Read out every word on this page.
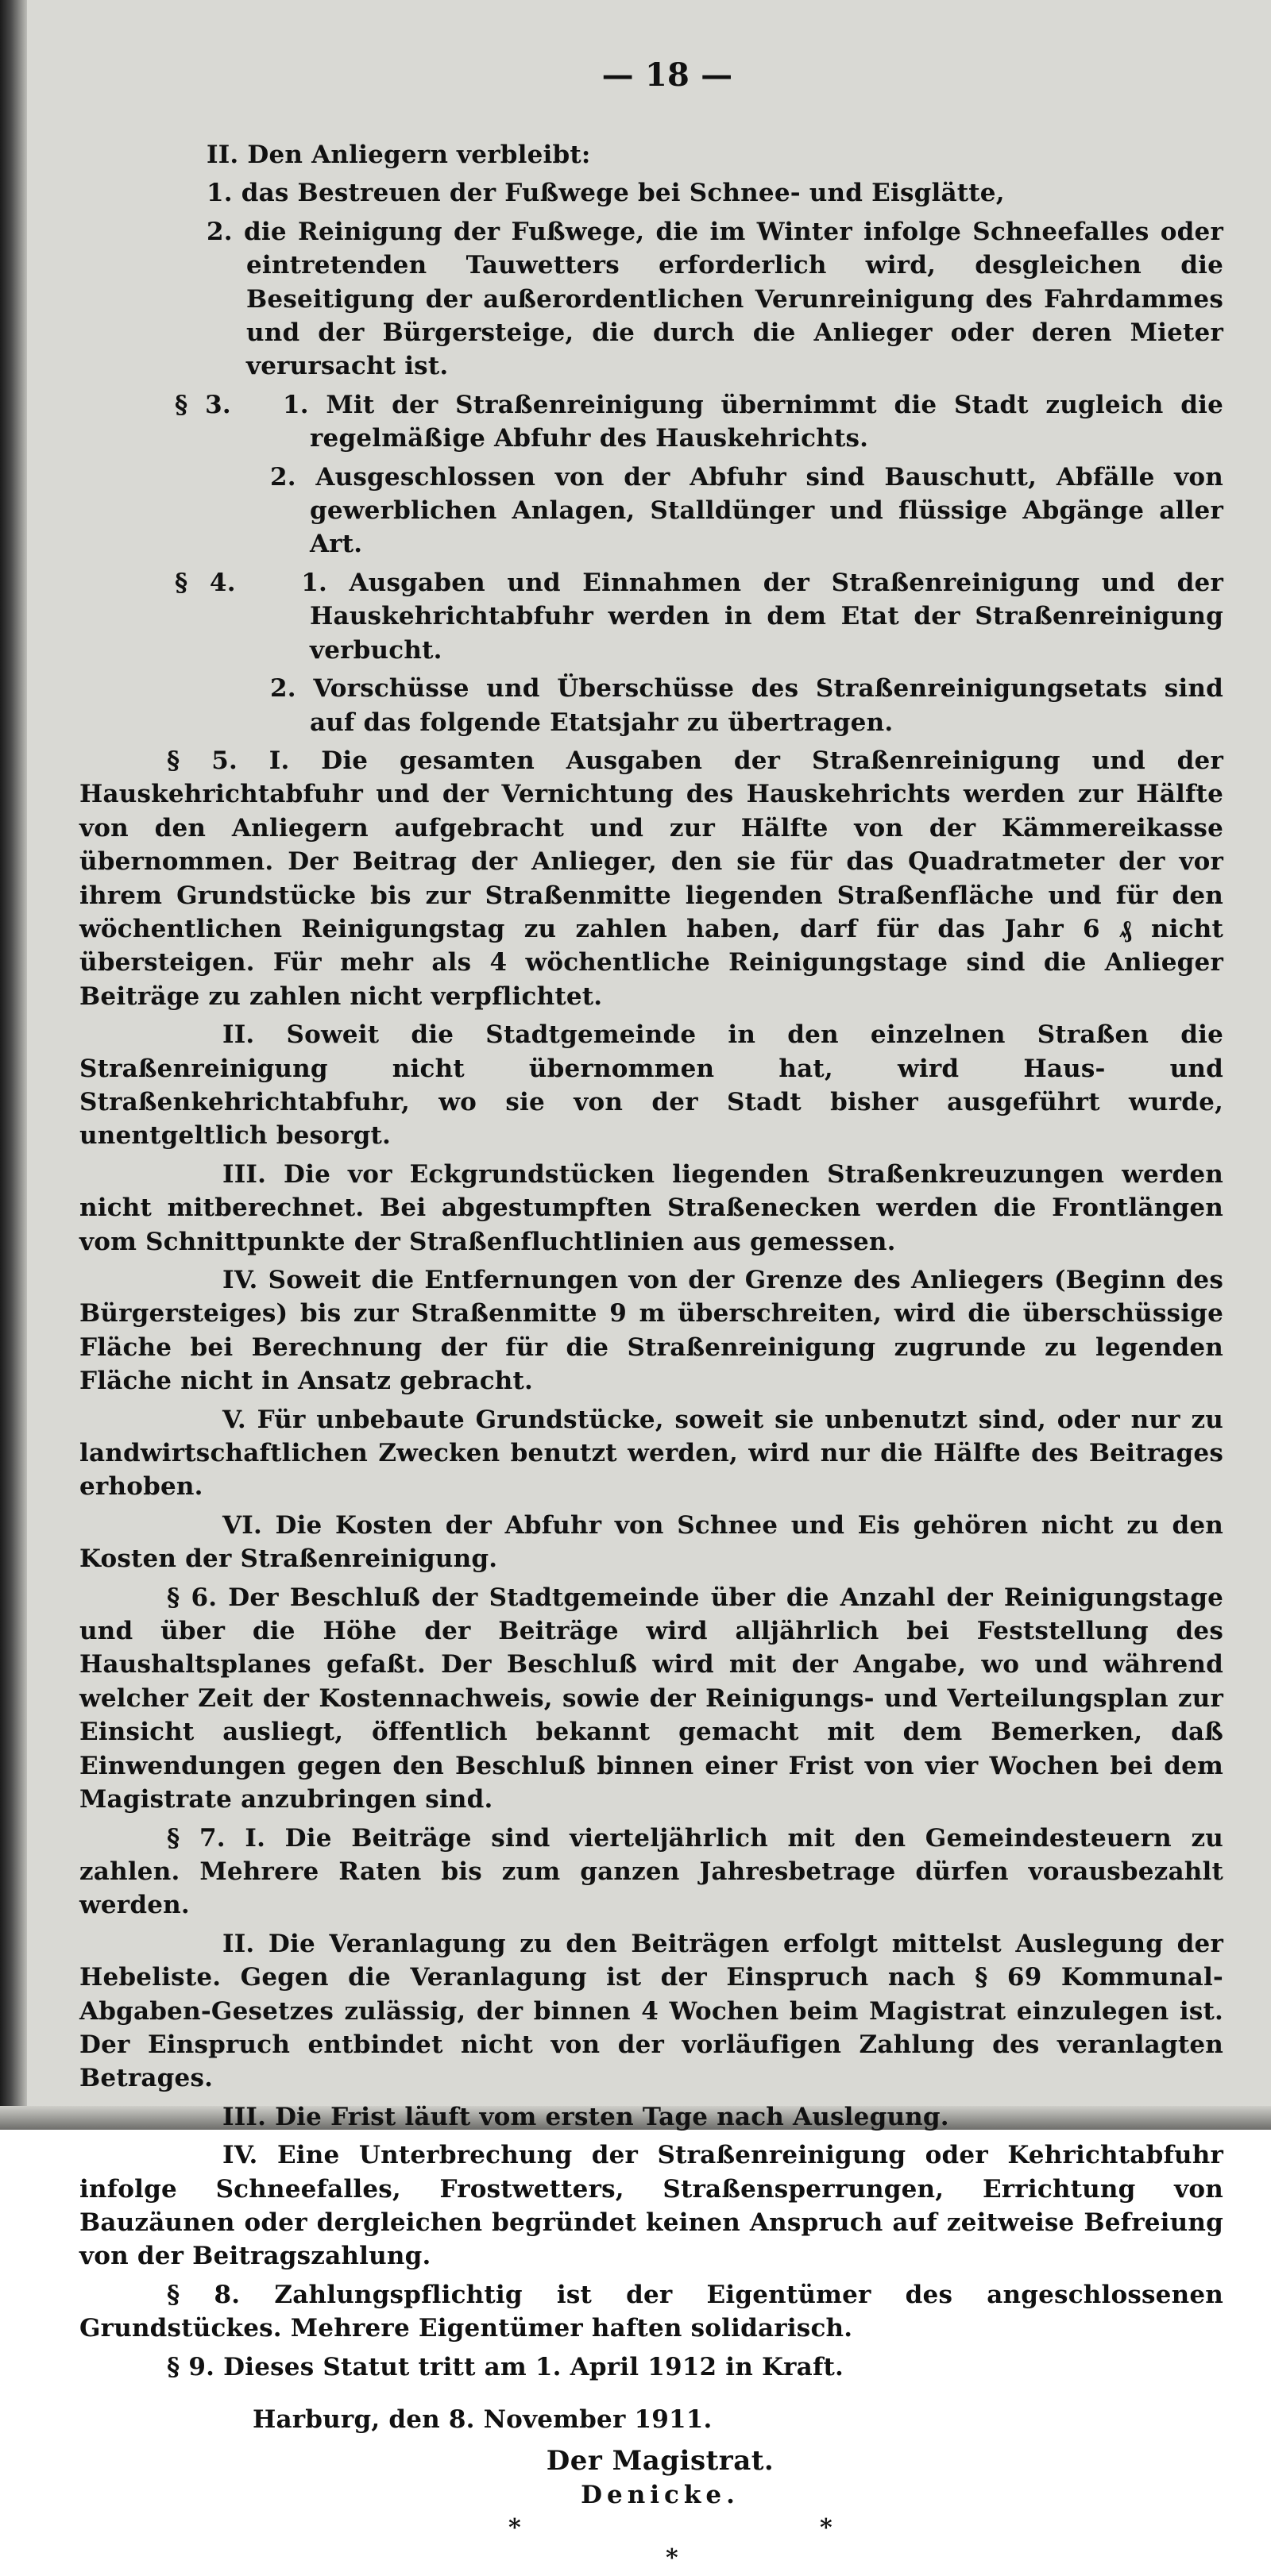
— 18 —

II. Den Anliegern verbleibt:

1. das Bestreuen der Fußwege bei Schnee- und Eisglätte,

2. die Reinigung der Fußwege, die im Winter infolge Schneefalles oder eintretenden Tauwetters erforderlich wird, desgleichen die Beseitigung der außerordentlichen Verunreinigung des Fahrdammes und der Bürgersteige, die durch die Anlieger oder deren Mieter verursacht ist.

§ 3. 1. Mit der Straßenreinigung übernimmt die Stadt zugleich die regelmäßige Abfuhr des Hauskehrichts.

2. Ausgeschlossen von der Abfuhr sind Bauschutt, Abfälle von gewerblichen Anlagen, Stalldünger und flüssige Abgänge aller Art.

§ 4.	1. Ausgaben und Einnahmen der Straßenreinigung und der Hauskehrichtabfuhr werden in dem Etat der Straßenreinigung verbucht.

2. Vorschüsse und Überschüsse des Straßenreinigungsetats sind auf das folgende Etatsjahr zu übertragen.

§ 5. I. Die gesamten Ausgaben der Straßenreinigung und der Hauskehrichtabfuhr und der Vernichtung des Hauskehrichts werden zur Hälfte von den Anliegern aufgebracht und zur Hälfte von der Kämmereikasse übernommen. Der Beitrag der Anlieger, den sie für das Quadratmeter der vor ihrem Grundstücke bis zur Straßenmitte liegenden Straßenfläche und für den wöchentlichen Reinigungstag zu zahlen haben, darf für das Jahr 6 ₰ nicht übersteigen. Für mehr als 4 wöchentliche Reinigungstage sind die Anlieger Beiträge zu zahlen nicht verpflichtet.

II. Soweit die Stadtgemeinde in den einzelnen Straßen die Straßenreinigung nicht übernommen hat, wird Haus- und Straßenkehrichtabfuhr, wo sie von der Stadt bisher ausgeführt wurde, unentgeltlich besorgt.

III. Die vor Eckgrundstücken liegenden Straßenkreuzungen werden nicht mitberechnet. Bei abgestumpften Straßenecken werden die Frontlängen vom Schnittpunkte der Straßenfluchtlinien aus gemessen.

IV. Soweit die Entfernungen von der Grenze des Anliegers (Beginn des Bürgersteiges) bis zur Straßenmitte 9 m überschreiten, wird die überschüssige Fläche bei Berechnung der für die Straßenreinigung zugrunde zu legenden Fläche nicht in Ansatz gebracht.

V. Für unbebaute Grundstücke, soweit sie unbenutzt sind, oder nur zu landwirtschaftlichen Zwecken benutzt werden, wird nur die Hälfte des Beitrages erhoben.

VI. Die Kosten der Abfuhr von Schnee und Eis gehören nicht zu den Kosten der Straßenreinigung.

§ 6. Der Beschluß der Stadtgemeinde über die Anzahl der Reinigungstage und über die Höhe der Beiträge wird alljährlich bei Feststellung des Haushaltsplanes gefaßt. Der Beschluß wird mit der Angabe, wo und während welcher Zeit der Kostennachweis, sowie der Reinigungs- und Verteilungsplan zur Einsicht ausliegt, öffentlich bekannt gemacht mit dem Bemerken, daß Einwendungen gegen den Beschluß binnen einer Frist von vier Wochen bei dem Magistrate anzubringen sind.

§ 7. I. Die Beiträge sind vierteljährlich mit den Gemeindesteuern zu zahlen. Mehrere Raten bis zum ganzen Jahresbetrage dürfen vorausbezahlt werden.

II. Die Veranlagung zu den Beiträgen erfolgt mittelst Auslegung der Hebeliste. Gegen die Veranlagung ist der Einspruch nach § 69 Kommunal-Abgaben-Gesetzes zulässig, der binnen 4 Wochen beim Magistrat einzulegen ist. Der Einspruch entbindet nicht von der vorläufigen Zahlung des veranlagten Betrages.

III. Die Frist läuft vom ersten Tage nach Auslegung.

IV. Eine Unterbrechung der Straßenreinigung oder Kehrichtabfuhr infolge Schneefalles, Frostwetters, Straßensperrungen, Errichtung von Bauzäunen oder dergleichen begründet keinen Anspruch auf zeitweise Befreiung von der Beitragszahlung.

§ 8. Zahlungspflichtig ist der Eigentümer des angeschlossenen Grundstückes. Mehrere Eigentümer haften solidarisch.

§ 9. Dieses Statut tritt am 1. April 1912 in Kraft.

Harburg, den 8. November 1911.

Der Magistrat.
Denicke.
*	*
*
